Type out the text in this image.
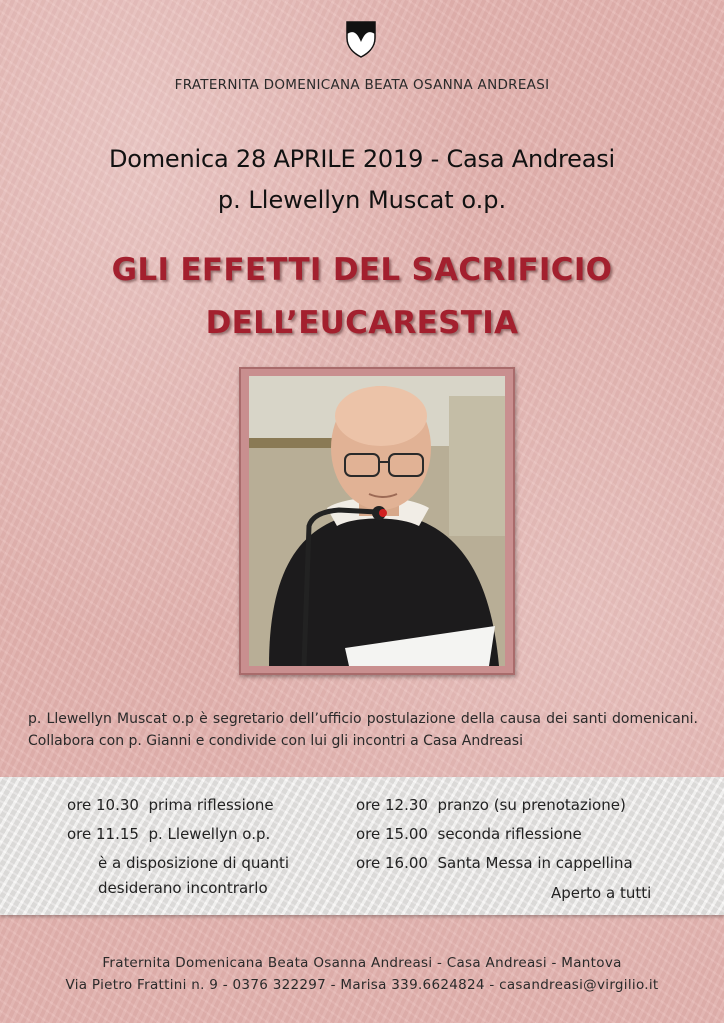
FRATERNITA DOMENICANA BEATA OSANNA ANDREASI
Domenica 28 APRILE 2019 - Casa Andreasi
p. Llewellyn Muscat o.p.
GLI EFFETTI DEL SACRIFICIO
DELL’EUCARESTIA
p. Llewellyn Muscat o.p è segretario dell’ufficio postulazione della causa dei santi domenicani. Collabora con p. Gianni e condivide con lui gli incontri a Casa Andreasi
ore 10.30 prima riflessione
ore 11.15 p. Llewellyn o.p.
è a disposizione di quanti
desiderano incontrarlo
ore 12.30 pranzo (su prenotazione)
ore 15.00 seconda riflessione
ore 16.00 Santa Messa in cappellina
Aperto a tutti
Fraternita Domenicana Beata Osanna Andreasi - Casa Andreasi - Mantova
Via Pietro Frattini n. 9 - 0376 322297 - Marisa 339.6624824 - casandreasi@virgilio.it
